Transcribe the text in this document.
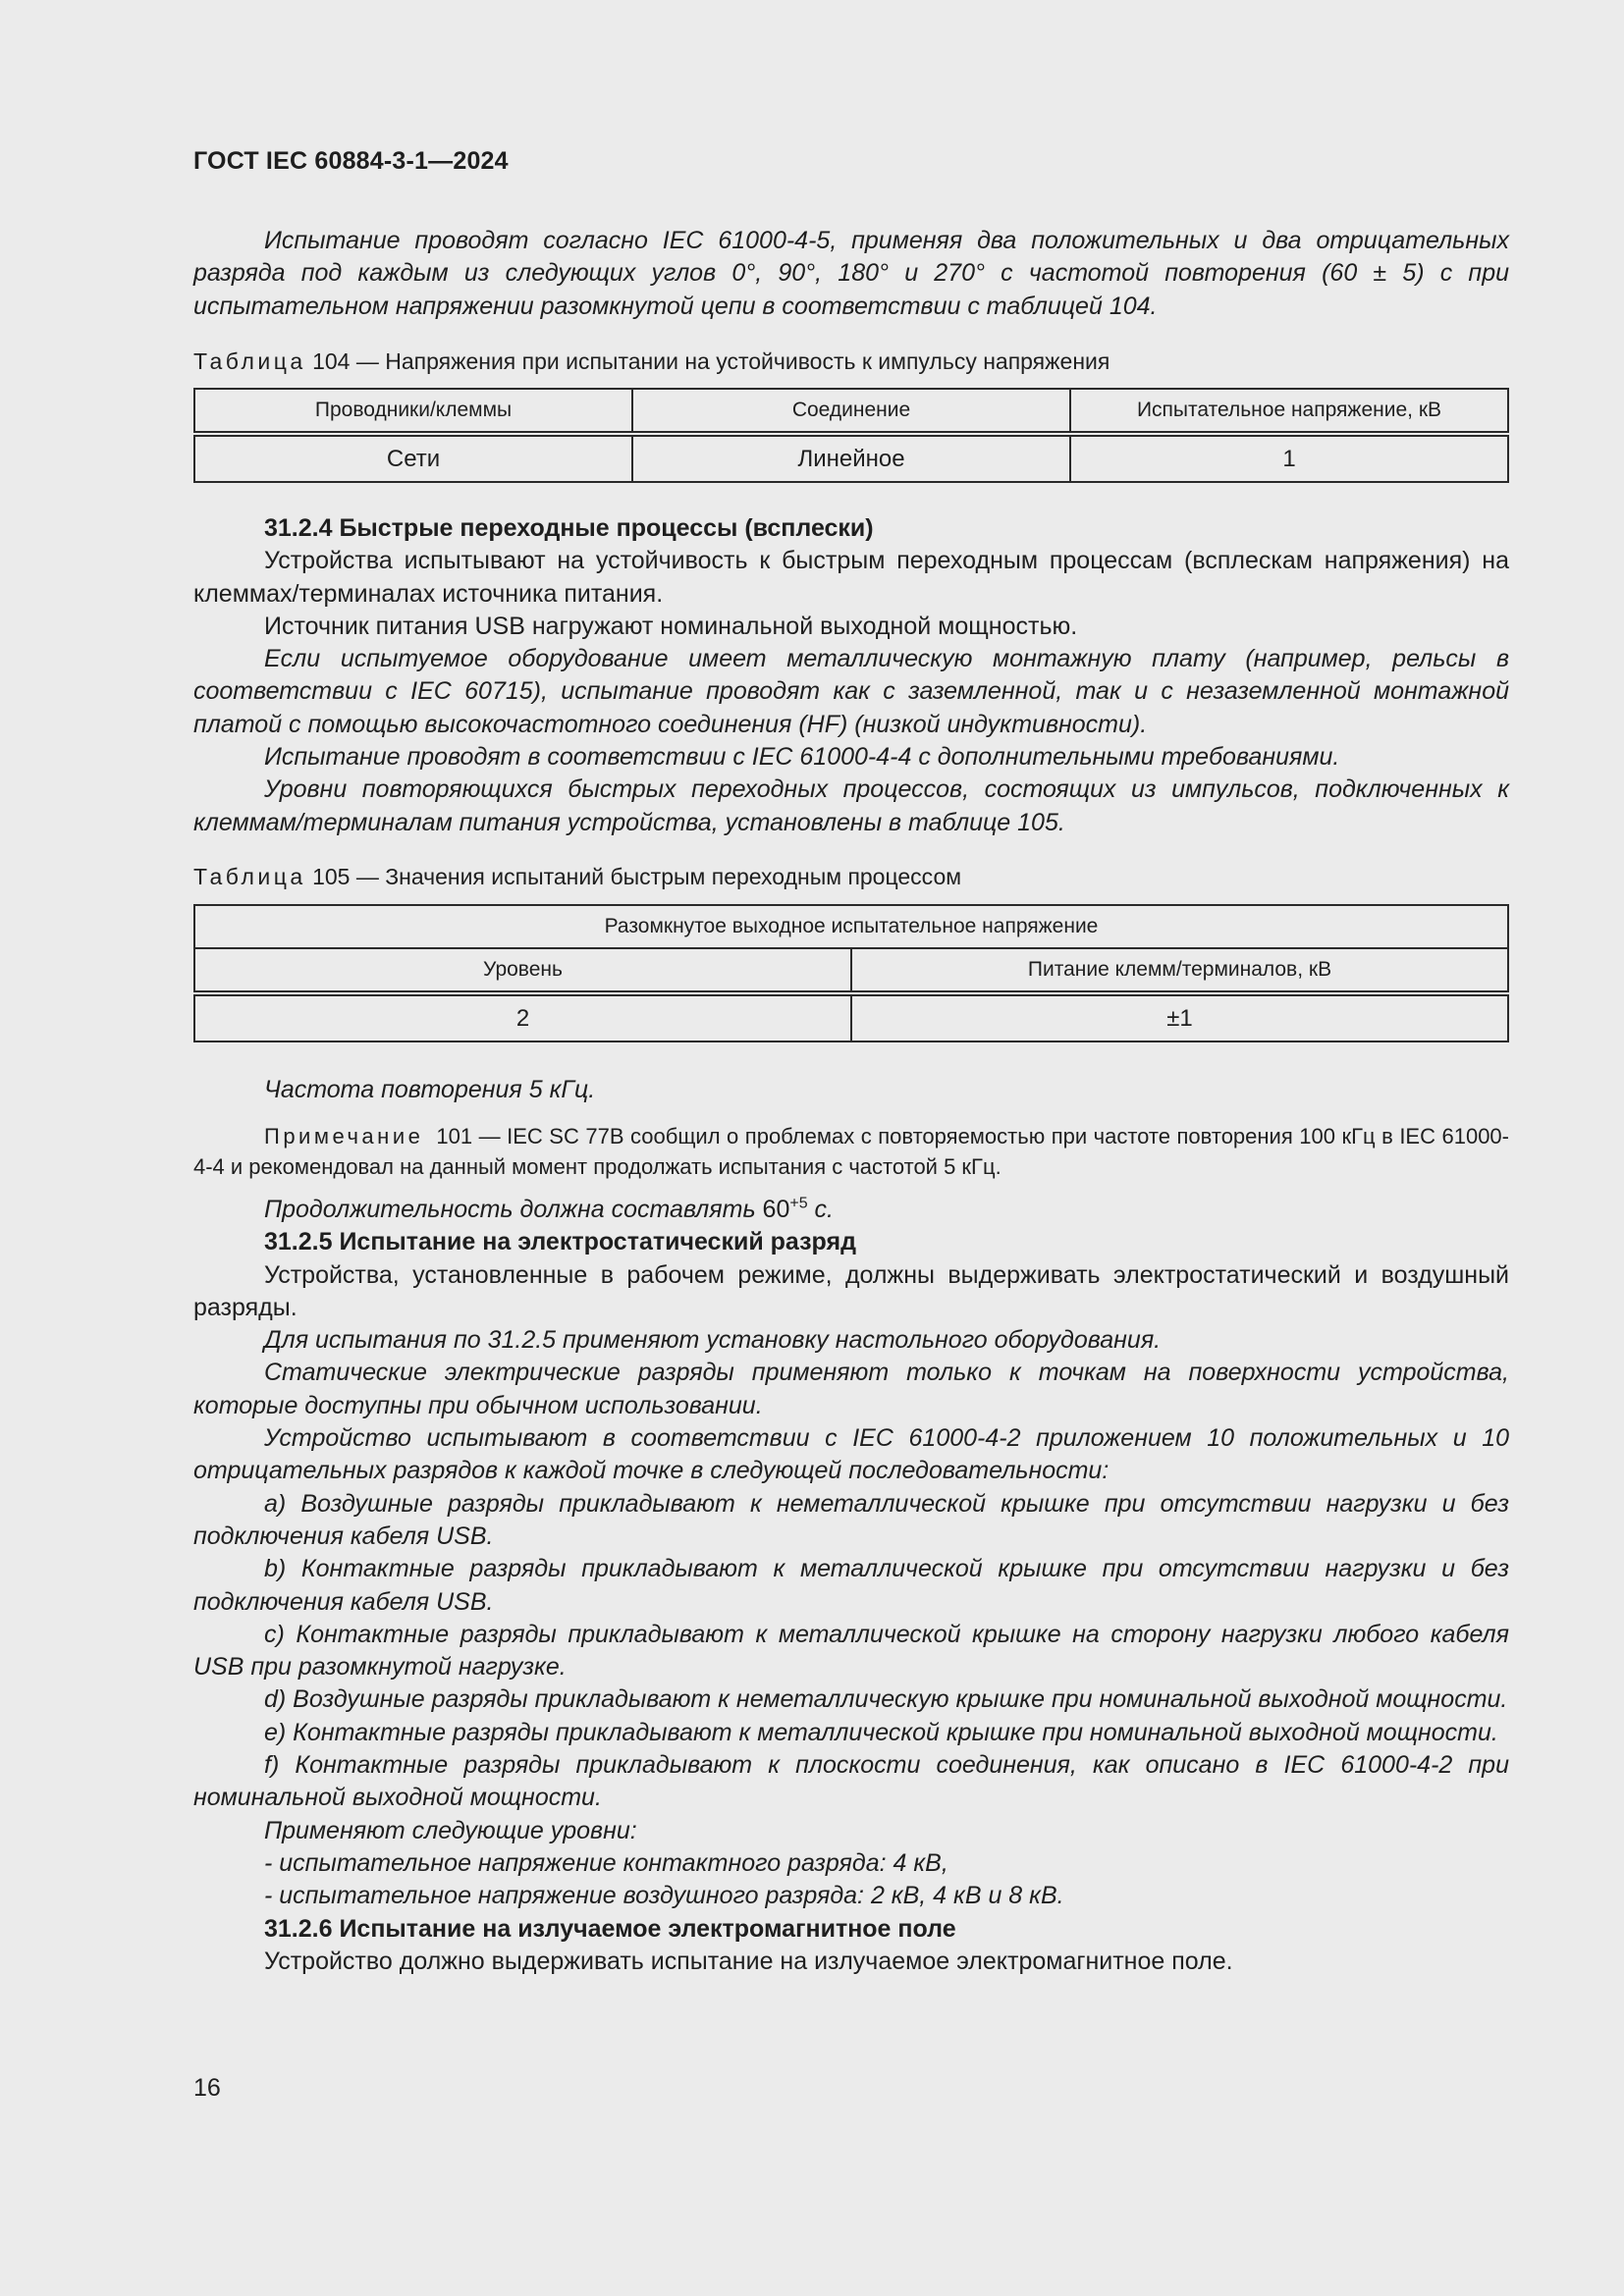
ГОСТ IEC 60884-3-1—2024

Испытание проводят согласно IEC 61000-4-5, применяя два положительных и два отрицательных разряда под каждым из следующих углов 0°, 90°, 180° и 270° с частотой повторения (60 ± 5) с при испытательном напряжении разомкнутой цепи в соответствии с таблицей 104.

Таблица 104 — Напряжения при испытании на устойчивость к импульсу напряжения
Проводники/клеммы	Соединение	Испытательное напряжение, кВ
Сети	Линейное	1

31.2.4 Быстрые переходные процессы (всплески)

Устройства испытывают на устойчивость к быстрым переходным процессам (всплескам напряжения) на клеммах/терминалах источника питания.

Источник питания USB нагружают номинальной выходной мощностью.

Если испытуемое оборудование имеет металлическую монтажную плату (например, рельсы в соответствии с IEC 60715), испытание проводят как с заземленной, так и с незаземленной монтажной платой с помощью высокочастотного соединения (HF) (низкой индуктивности).

Испытание проводят в соответствии с IEC 61000-4-4 с дополнительными требованиями.

Уровни повторяющихся быстрых переходных процессов, состоящих из импульсов, подключенных к клеммам/терминалам питания устройства, установлены в таблице 105.

Таблица 105 — Значения испытаний быстрым переходным процессом
Разомкнутое выходное испытательное напряжение	
Уровень	Питание клемм/терминалов, кВ
2	±1

Частота повторения 5 кГц.

Примечание 101 — IEC SC 77B сообщил о проблемах с повторяемостью при частоте повторения 100 кГц в IEC 61000-4-4 и рекомендовал на данный момент продолжать испытания с частотой 5 кГц.

Продолжительность должна составлять $60^{+5}$ с.

31.2.5 Испытание на электростатический разряд

Устройства, установленные в рабочем режиме, должны выдерживать электростатический и воздушный разряды.

Для испытания по 31.2.5 применяют установку настольного оборудования.

Статические электрические разряды применяют только к точкам на поверхности устройства, которые доступны при обычном использовании.

Устройство испытывают в соответствии с IEC 61000-4-2 приложением 10 положительных и 10 отрицательных разрядов к каждой точке в следующей последовательности:

a) Воздушные разряды прикладывают к неметаллической крышке при отсутствии нагрузки и без подключения кабеля USB.

b) Контактные разряды прикладывают к металлической крышке при отсутствии нагрузки и без подключения кабеля USB.

c) Контактные разряды прикладывают к металлической крышке на сторону нагрузки любого кабеля USB при разомкнутой нагрузке.

d) Воздушные разряды прикладывают к неметаллическую крышке при номинальной выходной мощности.

e) Контактные разряды прикладывают к металлической крышке при номинальной выходной мощности.

f) Контактные разряды прикладывают к плоскости соединения, как описано в IEC 61000-4-2 при номинальной выходной мощности.

Применяют следующие уровни:

- испытательное напряжение контактного разряда: 4 кВ,

- испытательное напряжение воздушного разряда: 2 кВ, 4 кВ и 8 кВ.

31.2.6 Испытание на излучаемое электромагнитное поле

Устройство должно выдерживать испытание на излучаемое электромагнитное поле.

16
